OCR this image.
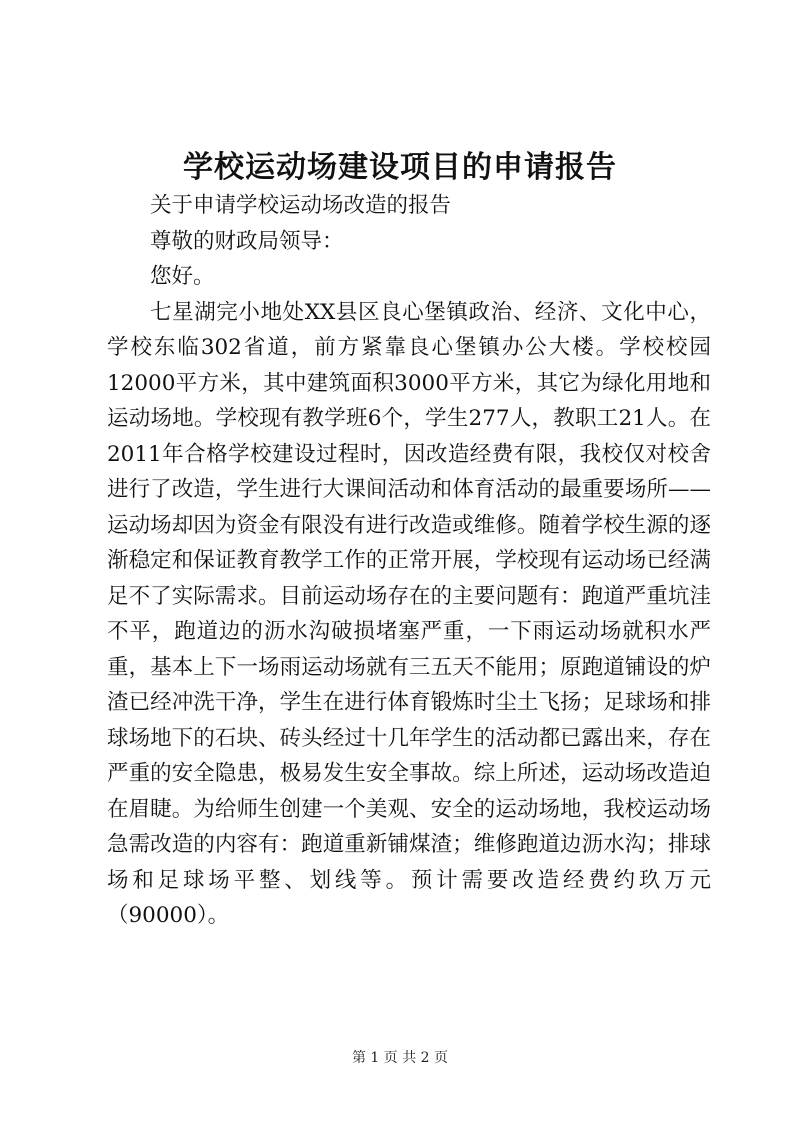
学校运动场建设项目的申请报告

关于申请学校运动场改造的报告

尊敬的财政局领导：

您好。

七星湖完小地处XX县区良心堡镇政治、经济、文化中心，学校东临302省道，前方紧靠良心堡镇办公大楼。学校校园12000平方米，其中建筑面积3000平方米，其它为绿化用地和运动场地。学校现有教学班6个，学生277人，教职工21人。在2011年合格学校建设过程时，因改造经费有限，我校仅对校舍进行了改造，学生进行大课间活动和体育活动的最重要场所——运动场却因为资金有限没有进行改造或维修。随着学校生源的逐渐稳定和保证教育教学工作的正常开展，学校现有运动场已经满足不了实际需求。目前运动场存在的主要问题有：跑道严重坑洼不平，跑道边的沥水沟破损堵塞严重，一下雨运动场就积水严重，基本上下一场雨运动场就有三五天不能用；原跑道铺设的炉渣已经冲洗干净，学生在进行体育锻炼时尘土飞扬；足球场和排球场地下的石块、砖头经过十几年学生的活动都已露出来，存在严重的安全隐患，极易发生安全事故。综上所述，运动场改造迫在眉睫。为给师生创建一个美观、安全的运动场地，我校运动场急需改造的内容有：跑道重新铺煤渣；维修跑道边沥水沟；排球场和足球场平整、划线等。预计需要改造经费约玖万元（90000）。

第 1 页 共 2 页
